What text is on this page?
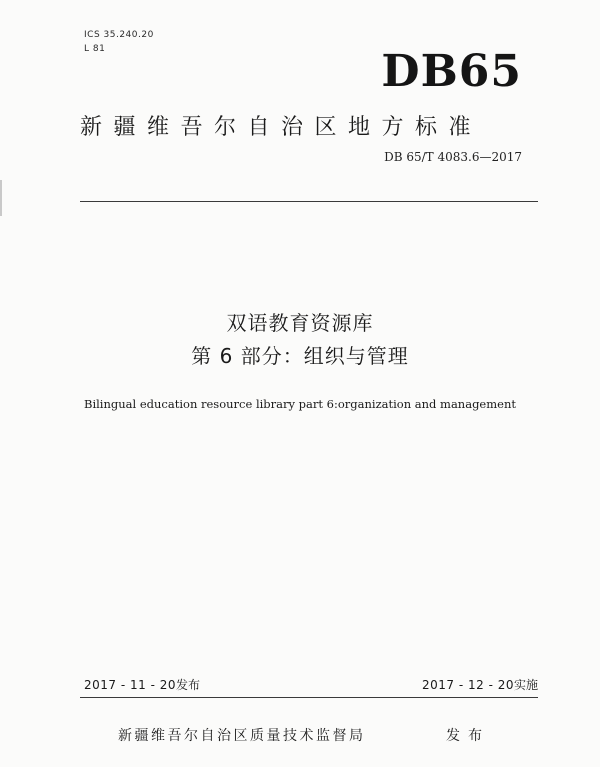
ICS 35.240.20
L 81	DB65
新疆维吾尔自治区地方标准
DB 65/T 4083.6—2017
双语教育资源库
第 6 部分：组织与管理
Bilingual education resource library part 6:organization and management
2017 - 11 - 20发布	2017 - 12 - 20实施
新疆维吾尔自治区质量技术监督局	发布
